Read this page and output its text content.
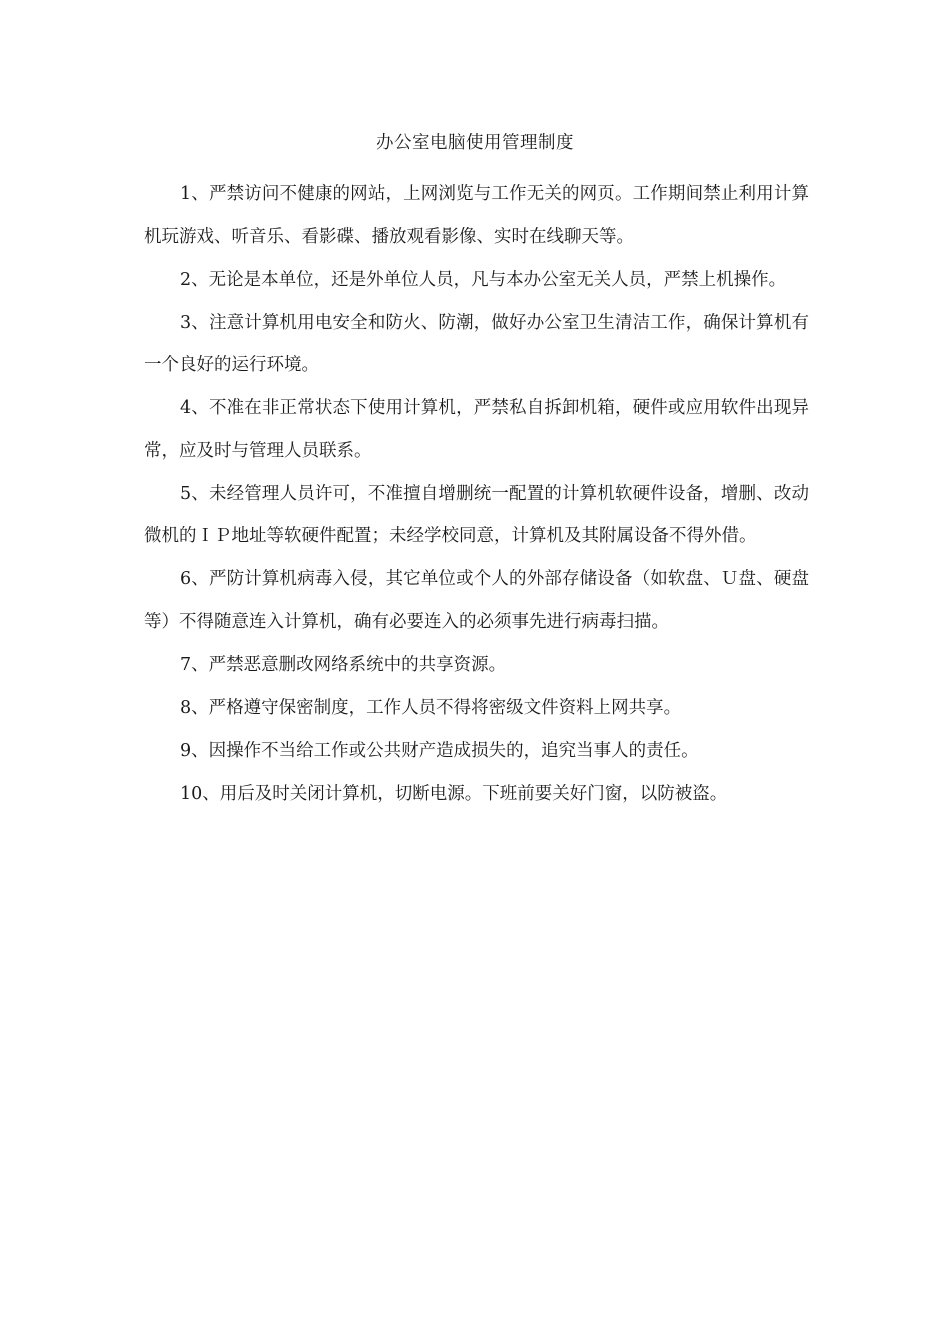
办公室电脑使用管理制度
1、严禁访问不健康的网站，上网浏览与工作无关的网页。工作期间禁止利用计算机玩游戏、听音乐、看影碟、播放观看影像、实时在线聊天等。
2、无论是本单位，还是外单位人员，凡与本办公室无关人员，严禁上机操作。
3、注意计算机用电安全和防火、防潮，做好办公室卫生清洁工作，确保计算机有一个良好的运行环境。
4、不准在非正常状态下使用计算机，严禁私自拆卸机箱，硬件或应用软件出现异常，应及时与管理人员联系。
5、未经管理人员许可，不准擅自增删统一配置的计算机软硬件设备，增删、改动微机的ＩＰ地址等软硬件配置；未经学校同意，计算机及其附属设备不得外借。
6、严防计算机病毒入侵，其它单位或个人的外部存储设备（如软盘、Ｕ盘、硬盘等）不得随意连入计算机，确有必要连入的必须事先进行病毒扫描。
7、严禁恶意删改网络系统中的共享资源。
8、严格遵守保密制度，工作人员不得将密级文件资料上网共享。
9、因操作不当给工作或公共财产造成损失的，追究当事人的责任。
10、用后及时关闭计算机，切断电源。下班前要关好门窗，以防被盗。
